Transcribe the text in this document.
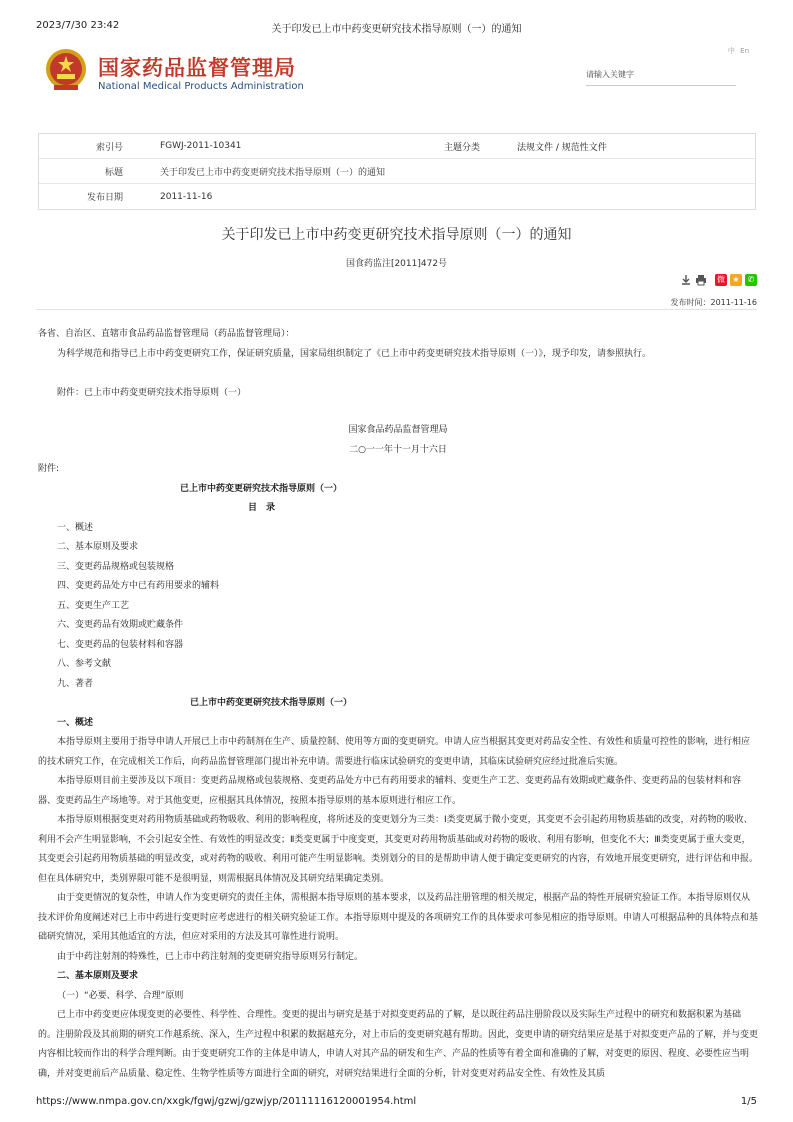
2023/7/30 23:42	关于印发已上市中药变更研究技术指导原则（一）的通知
国家药品监督管理局
National Medical Products Administration
中 En
请输入关键字
索引号	FGWJ-2011-10341	主题分类	法规文件 / 规范性文件
标题	关于印发已上市中药变更研究技术指导原则（一）的通知
发布日期	2011-11-16
关于印发已上市中药变更研究技术指导原则（一）的通知
国食药监注[2011]472号
微 ★	✆
发布时间：2011-11-16

各省、自治区、直辖市食品药品监督管理局（药品监督管理局）：

为科学规范和指导已上市中药变更研究工作，保证研究质量，国家局组织制定了《已上市中药变更研究技术指导原则（一）》，现予印发，请参照执行。

附件：已上市中药变更研究技术指导原则（一）

国家食品药品监督管理局

二○一一年十一月十六日

附件:

已上市中药变更研究技术指导原则（一）

目　录

一、概述

二、基本原则及要求

三、变更药品规格或包装规格

四、变更药品处方中已有药用要求的辅料

五、变更生产工艺

六、变更药品有效期或贮藏条件

七、变更药品的包装材料和容器

八、参考文献

九、著者

已上市中药变更研究技术指导原则（一）

一、概述

本指导原则主要用于指导申请人开展已上市中药制剂在生产、质量控制、使用等方面的变更研究。申请人应当根据其变更对药品安全性、有效性和质量可控性的影响，进行相应的技术研究工作，在完成相关工作后，向药品监督管理部门提出补充申请。需要进行临床试验研究的变更申请，其临床试验研究应经过批准后实施。

本指导原则目前主要涉及以下项目：变更药品规格或包装规格、变更药品处方中已有药用要求的辅料、变更生产工艺、变更药品有效期或贮藏条件、变更药品的包装材料和容器、变更药品生产场地等。对于其他变更，应根据其具体情况，按照本指导原则的基本原则进行相应工作。

本指导原则根据变更对药用物质基础或药物吸收、利用的影响程度，将所述及的变更划分为三类：Ⅰ类变更属于微小变更，其变更不会引起药用物质基础的改变，对药物的吸收、利用不会产生明显影响，不会引起安全性、有效性的明显改变；Ⅱ类变更属于中度变更，其变更对药用物质基础或对药物的吸收、利用有影响，但变化不大；Ⅲ类变更属于重大变更，其变更会引起药用物质基础的明显改变，或对药物的吸收、利用可能产生明显影响。类别划分的目的是帮助申请人便于确定变更研究的内容，有效地开展变更研究，进行评估和申报。但在具体研究中，类别界限可能不是很明显，则需根据具体情况及其研究结果确定类别。

由于变更情况的复杂性，申请人作为变更研究的责任主体，需根据本指导原则的基本要求，以及药品注册管理的相关规定，根据产品的特性开展研究验证工作。本指导原则仅从技术评价角度阐述对已上市中药进行变更时应考虑进行的相关研究验证工作。本指导原则中提及的各项研究工作的具体要求可参见相应的指导原则。申请人可根据品种的具体特点和基础研究情况，采用其他适宜的方法，但应对采用的方法及其可靠性进行说明。

由于中药注射剂的特殊性，已上市中药注射剂的变更研究指导原则另行制定。

二、基本原则及要求

（一）“必要、科学、合理”原则

已上市中药变更应体现变更的必要性、科学性、合理性。变更的提出与研究是基于对拟变更药品的了解，是以既往药品注册阶段以及实际生产过程中的研究和数据积累为基础的。注册阶段及其前期的研究工作越系统、深入，生产过程中积累的数据越充分，对上市后的变更研究越有帮助。因此，变更申请的研究结果应是基于对拟变更产品的了解，并与变更内容相比较而作出的科学合理判断。由于变更研究工作的主体是申请人，申请人对其产品的研发和生产、产品的性质等有着全面和准确的了解，对变更的原因、程度、必要性应当明确，并对变更前后产品质量、稳定性、生物学性质等方面进行全面的研究，对研究结果进行全面的分析，针对变更对药品安全性、有效性及其质

https://www.nmpa.gov.cn/xxgk/fgwj/gzwj/gzwjyp/20111116120001954.html	1/5
